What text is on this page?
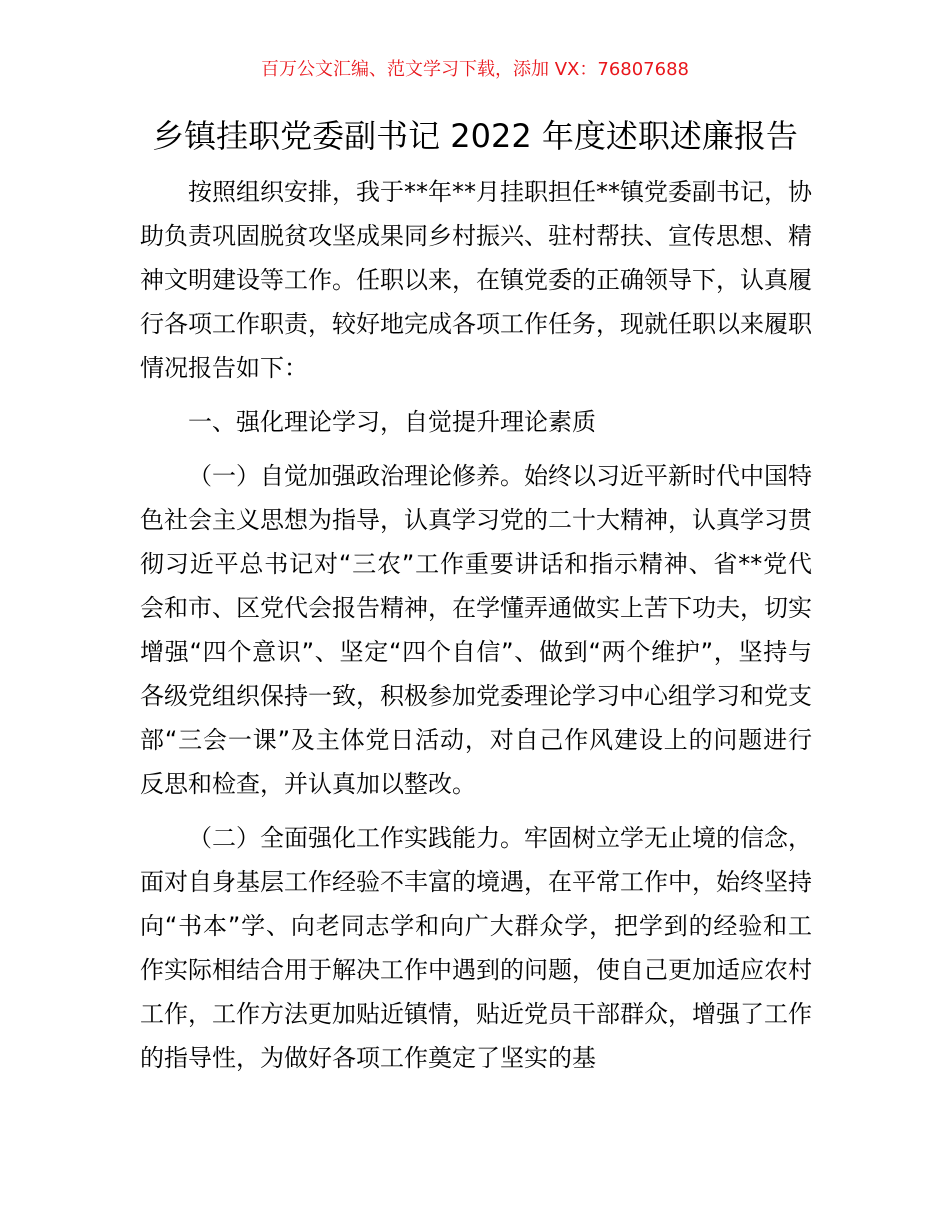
百万公文汇编、范文学习下载，添加 VX：76807688
乡镇挂职党委副书记 2022 年度述职述廉报告

按照组织安排，我于**年**月挂职担任**镇党委副书记，协助负责巩固脱贫攻坚成果同乡村振兴、驻村帮扶、宣传思想、精神文明建设等工作。任职以来，在镇党委的正确领导下，认真履行各项工作职责，较好地完成各项工作任务，现就任职以来履职情况报告如下：

一、强化理论学习，自觉提升理论素质

（一）自觉加强政治理论修养。始终以习近平新时代中国特色社会主义思想为指导，认真学习党的二十大精神，认真学习贯彻习近平总书记对“三农”工作重要讲话和指示精神、省**党代会和市、区党代会报告精神，在学懂弄通做实上苦下功夫，切实增强“四个意识”、坚定“四个自信”、做到“两个维护”，坚持与各级党组织保持一致，积极参加党委理论学习中心组学习和党支部“三会一课”及主体党日活动，对自己作风建设上的问题进行反思和检查，并认真加以整改。

（二）全面强化工作实践能力。牢固树立学无止境的信念，面对自身基层工作经验不丰富的境遇，在平常工作中，始终坚持向“书本”学、向老同志学和向广大群众学，把学到的经验和工作实际相结合用于解决工作中遇到的问题，使自己更加适应农村工作，工作方法更加贴近镇情，贴近党员干部群众，增强了工作的指导性，为做好各项工作奠定了坚实的基
